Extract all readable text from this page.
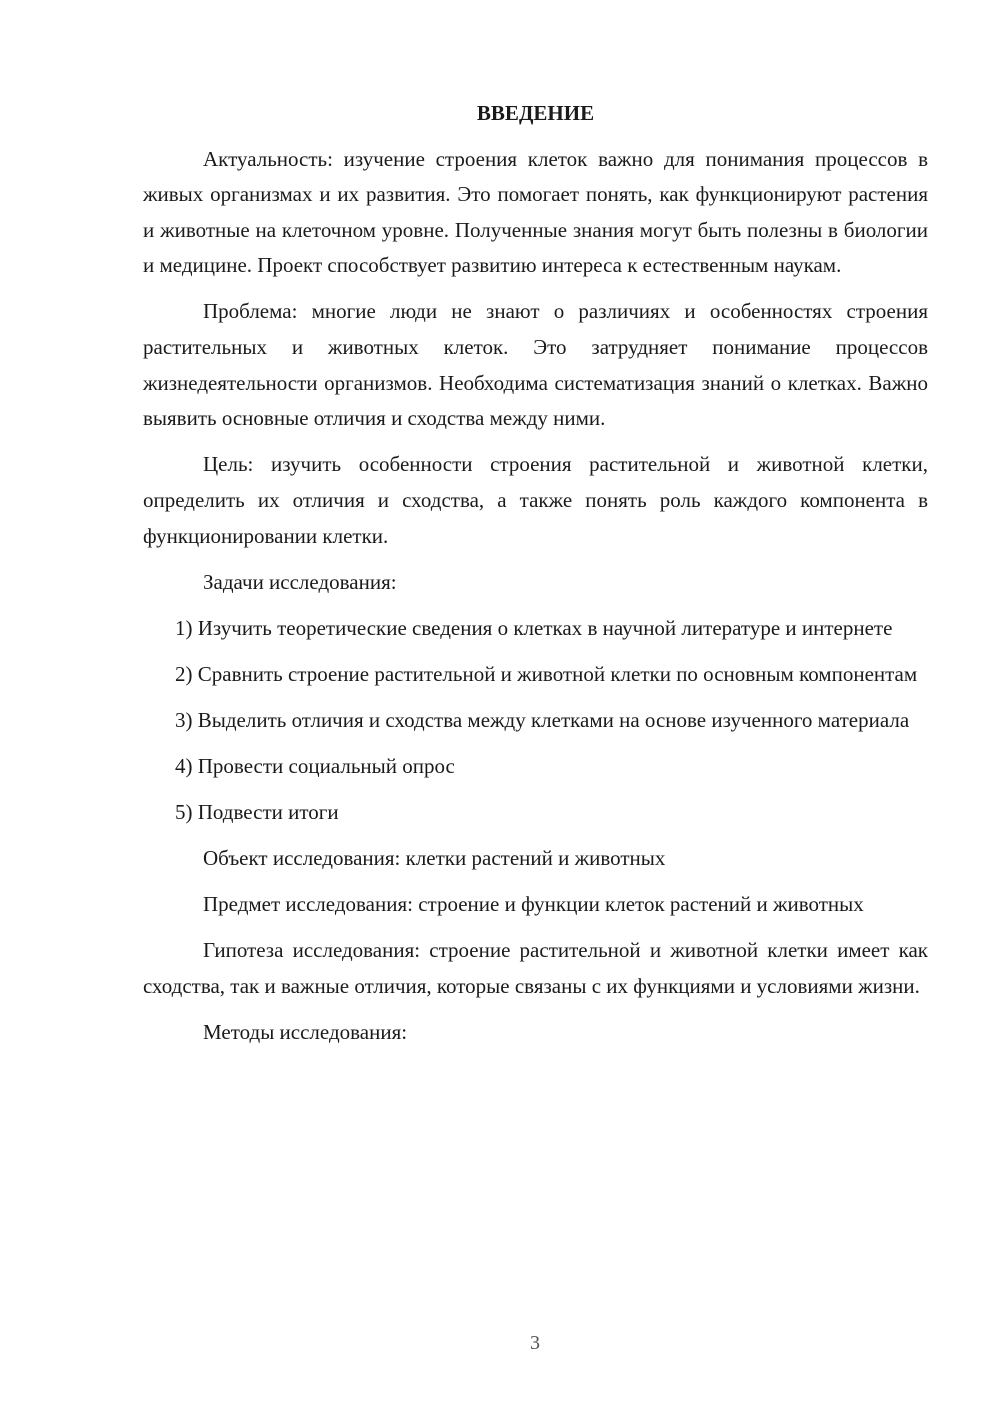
ВВЕДЕНИЕ

Актуальность: изучение строения клеток важно для понимания процессов в живых организмах и их развития. Это помогает понять, как функционируют растения и животные на клеточном уровне. Полученные знания могут быть полезны в биологии и медицине. Проект способствует развитию интереса к естественным наукам.

Проблема: многие люди не знают о различиях и особенностях строения растительных и животных клеток. Это затрудняет понимание процессов жизнедеятельности организмов. Необходима систематизация знаний о клетках. Важно выявить основные отличия и сходства между ними.

Цель: изучить особенности строения растительной и животной клетки, определить их отличия и сходства, а также понять роль каждого компонента в функционировании клетки.

Задачи исследования:

1) Изучить теоретические сведения о клетках в научной литературе и интернете

2) Сравнить строение растительной и животной клетки по основным компонентам

3) Выделить отличия и сходства между клетками на основе изученного материала

4) Провести социальный опрос

5) Подвести итоги

Объект исследования: клетки растений и животных

Предмет исследования: строение и функции клеток растений и животных

Гипотеза исследования: строение растительной и животной клетки имеет как сходства, так и важные отличия, которые связаны с их функциями и условиями жизни.

Методы исследования:

3
